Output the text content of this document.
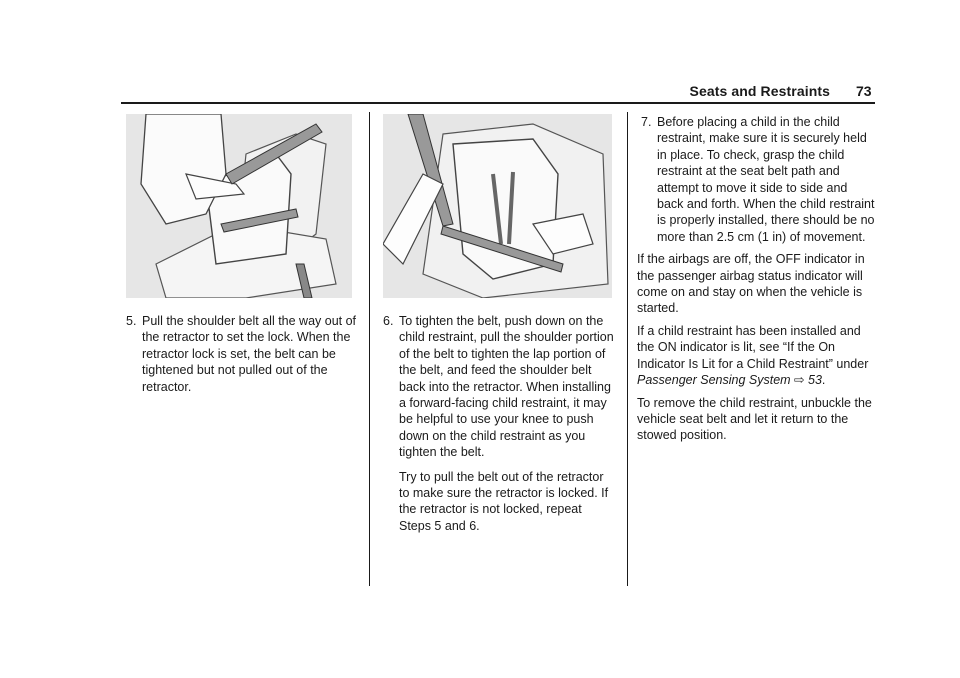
Seats and Restraints 73

5. Pull the shoulder belt all the way out of the retractor to set the lock. When the retractor lock is set, the belt can be tightened but not pulled out of the retractor.

6. To tighten the belt, push down on the child restraint, pull the shoulder portion of the belt to tighten the lap portion of the belt, and feed the shoulder belt back into the retractor. When installing a forward-facing child restraint, it may be helpful to use your knee to push down on the child restraint as you tighten the belt.

Try to pull the belt out of the retractor to make sure the retractor is locked. If the retractor is not locked, repeat Steps 5 and 6.

7. Before placing a child in the child restraint, make sure it is securely held in place. To check, grasp the child restraint at the seat belt path and attempt to move it side to side and back and forth. When the child restraint is properly installed, there should be no more than 2.5 cm (1 in) of movement.

If the airbags are off, the OFF indicator in the passenger airbag status indicator will come on and stay on when the vehicle is started.

If a child restraint has been installed and the ON indicator is lit, see “If the On Indicator Is Lit for a Child Restraint” under Passenger Sensing System ⇨ 53.

To remove the child restraint, unbuckle the vehicle seat belt and let it return to the stowed position.
